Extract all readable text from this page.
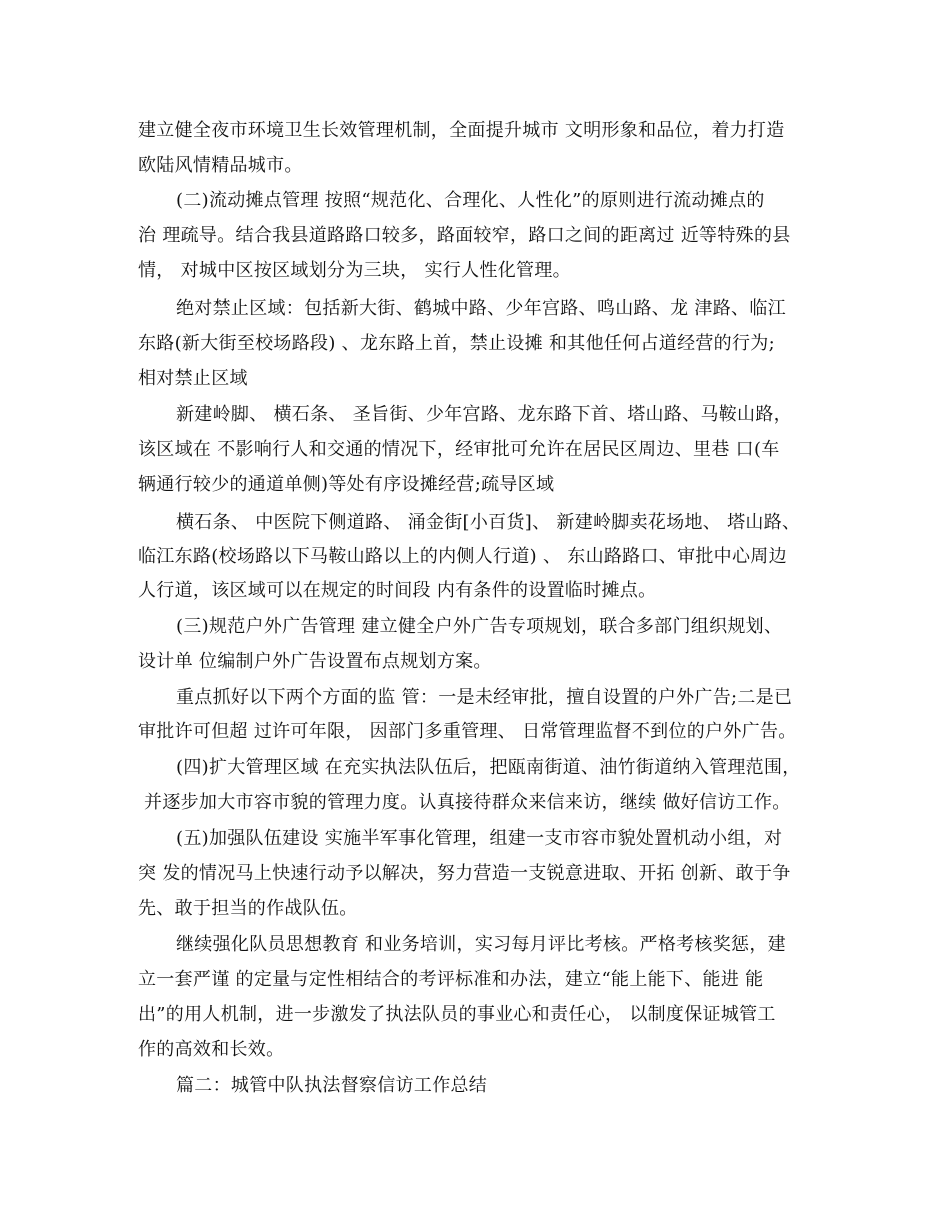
建立健全夜市环境卫生长效管理机制，全面提升城市 文明形象和品位，着力打造
欧陆风情精品城市。
(二)流动摊点管理 按照“规范化、合理化、人性化”的原则进行流动摊点的
治 理疏导。结合我县道路路口较多，路面较窄，路口之间的距离过 近等特殊的县
情， 对城中区按区域划分为三块， 实行人性化管理。
绝对禁止区域：包括新大街、鹤城中路、少年宫路、鸣山路、龙 津路、临江
东路(新大街至校场路段) 、龙东路上首，禁止设摊 和其他任何占道经营的行为;
相对禁止区域
新建岭脚、 横石条、 圣旨街、少年宫路、龙东路下首、塔山路、马鞍山路，
该区域在 不影响行人和交通的情况下，经审批可允许在居民区周边、里巷 口(车
辆通行较少的通道单侧)等处有序设摊经营;疏导区域
横石条、 中医院下侧道路、 涌金街[小百货]、 新建岭脚卖花场地、 塔山路、
临江东路(校场路以下马鞍山路以上的内侧人行道) 、 东山路路口、审批中心周边
人行道，该区域可以在规定的时间段 内有条件的设置临时摊点。
(三)规范户外广告管理 建立健全户外广告专项规划，联合多部门组织规划、
设计单 位编制户外广告设置布点规划方案。
重点抓好以下两个方面的监 管：一是未经审批，擅自设置的户外广告;二是已
审批许可但超 过许可年限， 因部门多重管理、 日常管理监督不到位的户外广告。
(四)扩大管理区域 在充实执法队伍后，把瓯南街道、油竹街道纳入管理范围，
并逐步加大市容市貌的管理力度。认真接待群众来信来访，继续 做好信访工作。
(五)加强队伍建设 实施半军事化管理，组建一支市容市貌处置机动小组，对
突 发的情况马上快速行动予以解决，努力营造一支锐意进取、开拓 创新、敢于争
先、敢于担当的作战队伍。
继续强化队员思想教育 和业务培训，实习每月评比考核。严格考核奖惩，建
立一套严谨 的定量与定性相结合的考评标准和办法，建立“能上能下、能进 能
出”的用人机制，进一步激发了执法队员的事业心和责任心， 以制度保证城管工
作的高效和长效。
篇二：城管中队执法督察信访工作总结
